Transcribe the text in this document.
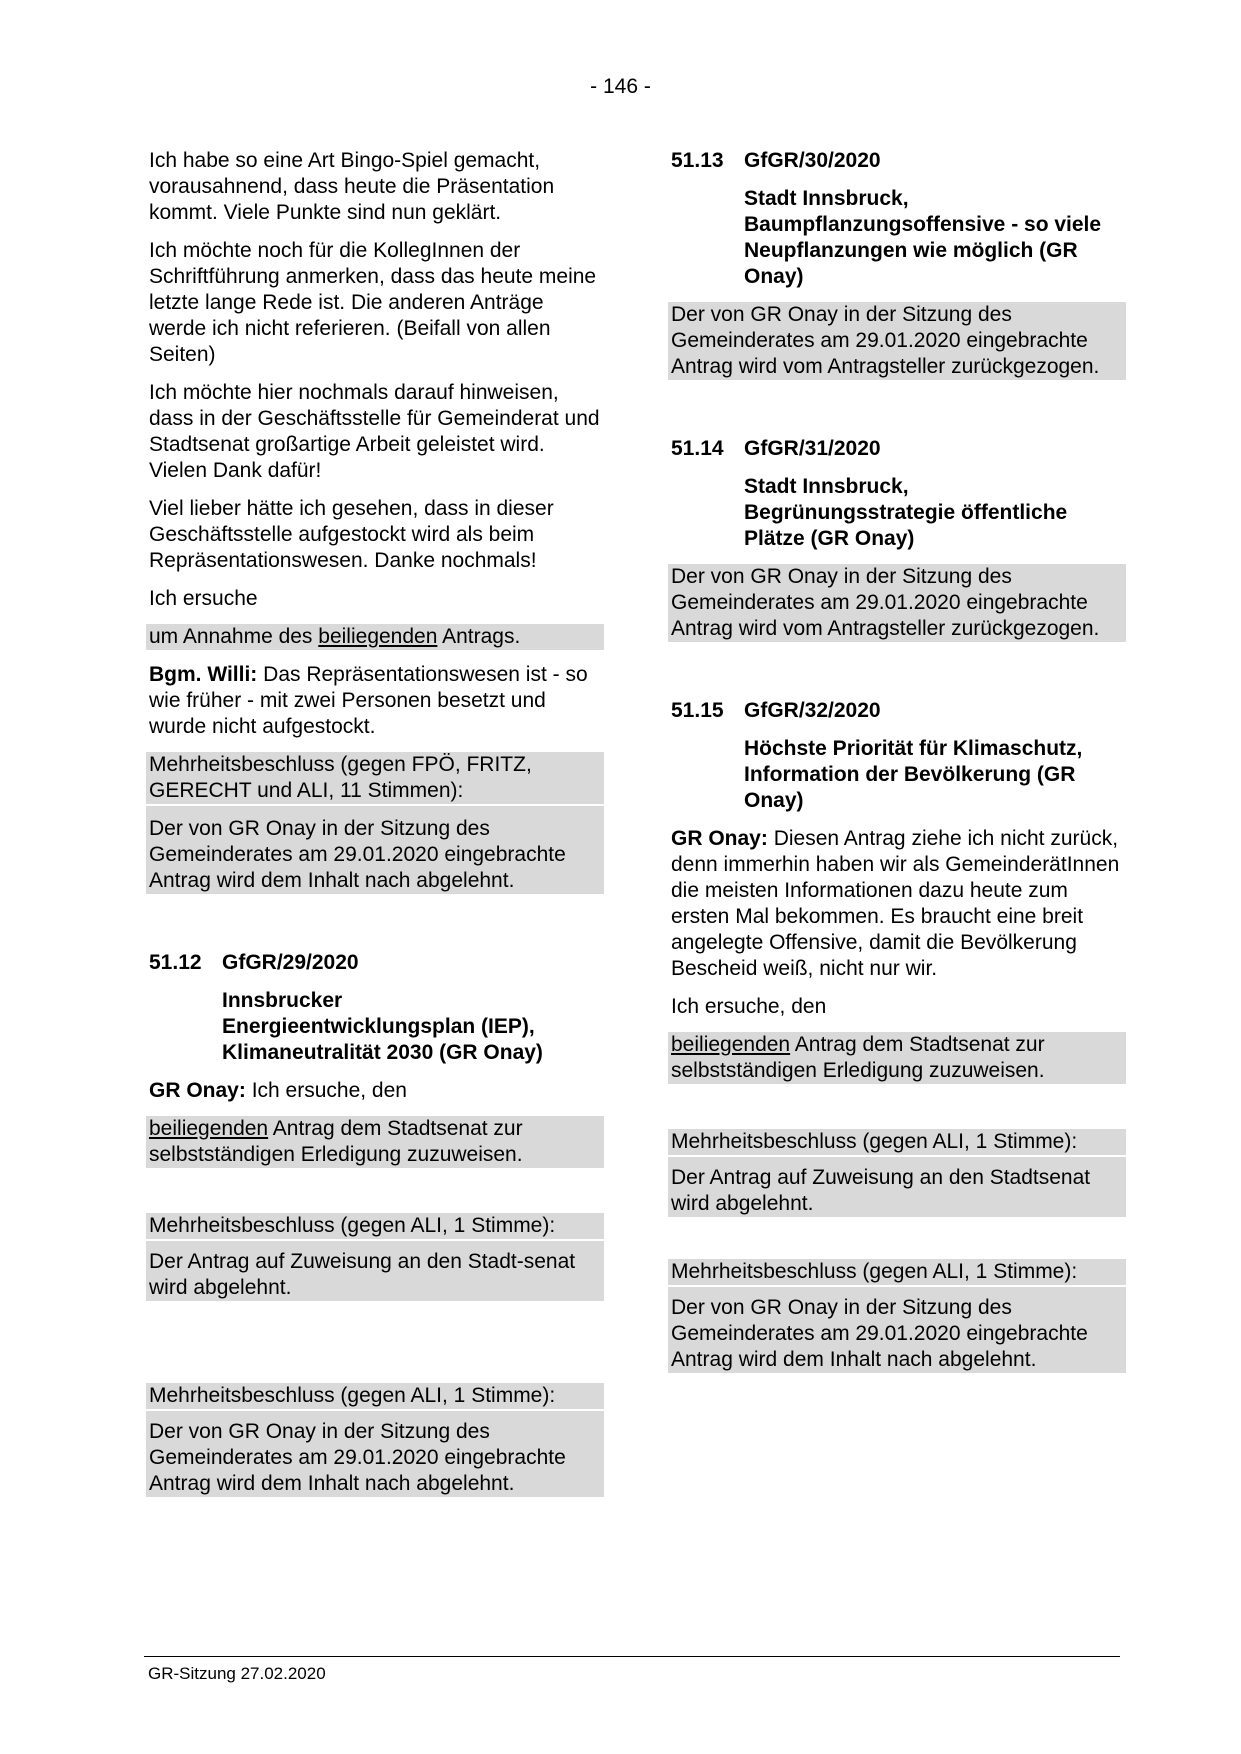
- 146 -

Ich habe so eine Art Bingo-Spiel gemacht, vorausahnend, dass heute die Präsentation kommt. Viele Punkte sind nun geklärt.

Ich möchte noch für die KollegInnen der Schriftführung anmerken, dass das heute meine letzte lange Rede ist. Die anderen Anträge werde ich nicht referieren. (Beifall von allen Seiten)

Ich möchte hier nochmals darauf hinweisen, dass in der Geschäftsstelle für Gemeinderat und Stadtsenat großartige Arbeit geleistet wird. Vielen Dank dafür!

Viel lieber hätte ich gesehen, dass in dieser Geschäftsstelle aufgestockt wird als beim Repräsentationswesen. Danke nochmals!

Ich ersuche

um Annahme des beiliegenden Antrags.

Bgm. Willi: Das Repräsentationswesen ist - so wie früher - mit zwei Personen besetzt und wurde nicht aufgestockt.

Mehrheitsbeschluss (gegen FPÖ, FRITZ, GERECHT und ALI, 11 Stimmen):

Der von GR Onay in der Sitzung des Gemeinderates am 29.01.2020 eingebrachte Antrag wird dem Inhalt nach abgelehnt.

51.12 GfGR/29/2020
Innsbrucker Energieentwicklungsplan (IEP), Klimaneutralität 2030 (GR Onay)

GR Onay: Ich ersuche, den

beiliegenden Antrag dem Stadtsenat zur selbstständigen Erledigung zuzuweisen.

Mehrheitsbeschluss (gegen ALI, 1 Stimme):

Der Antrag auf Zuweisung an den Stadt-senat wird abgelehnt.

Mehrheitsbeschluss (gegen ALI, 1 Stimme):

Der von GR Onay in der Sitzung des Gemeinderates am 29.01.2020 eingebrachte Antrag wird dem Inhalt nach abgelehnt.

51.13 GfGR/30/2020
Stadt Innsbruck, Baumpflanzungsoffensive - so viele Neupflanzungen wie möglich (GR Onay)

Der von GR Onay in der Sitzung des Gemeinderates am 29.01.2020 eingebrachte Antrag wird vom Antragsteller zurückgezogen.

51.14 GfGR/31/2020
Stadt Innsbruck, Begrünungsstrategie öffentliche Plätze (GR Onay)

Der von GR Onay in der Sitzung des Gemeinderates am 29.01.2020 eingebrachte Antrag wird vom Antragsteller zurückgezogen.

51.15 GfGR/32/2020
Höchste Priorität für Klimaschutz, Information der Bevölkerung (GR Onay)

GR Onay: Diesen Antrag ziehe ich nicht zurück, denn immerhin haben wir als GemeinderätInnen die meisten Informationen dazu heute zum ersten Mal bekommen. Es braucht eine breit angelegte Offensive, damit die Bevölkerung Bescheid weiß, nicht nur wir.

Ich ersuche, den

beiliegenden Antrag dem Stadtsenat zur selbstständigen Erledigung zuzuweisen.

Mehrheitsbeschluss (gegen ALI, 1 Stimme):

Der Antrag auf Zuweisung an den Stadtsenat wird abgelehnt.

Mehrheitsbeschluss (gegen ALI, 1 Stimme):

Der von GR Onay in der Sitzung des Gemeinderates am 29.01.2020 eingebrachte Antrag wird dem Inhalt nach abgelehnt.

GR-Sitzung 27.02.2020
